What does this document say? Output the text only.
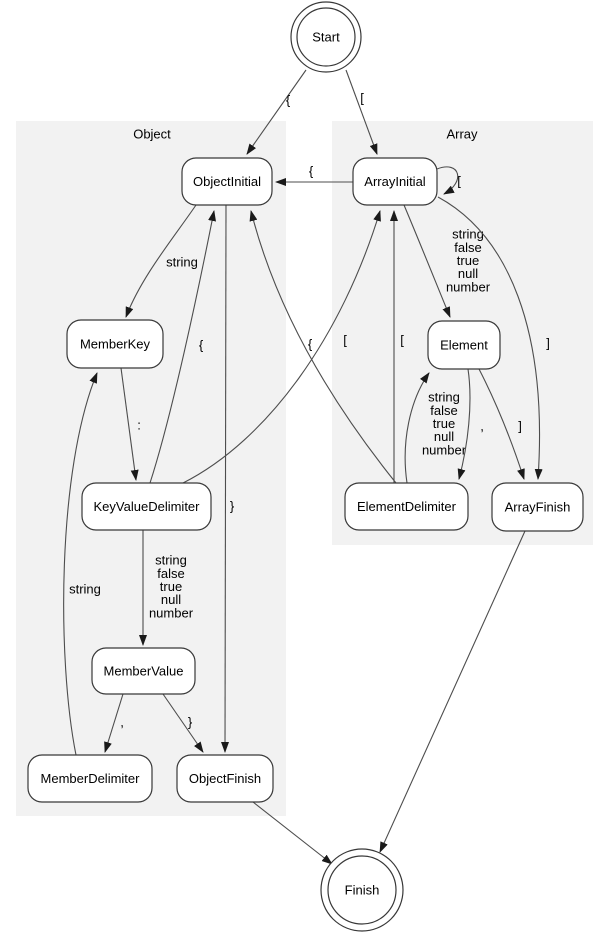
Object	Array
{	[
{
[
string
:
{	[
string false true null number
,	}
string
}
{	[
string false true null number
string false true null number
,	]
]
Start
Finish
ObjectInitial	ArrayInitial
MemberKey
KeyValueDelimiter
MemberValue
MemberDelimiter	ObjectFinish
Element
ElementDelimiter	ArrayFinish
